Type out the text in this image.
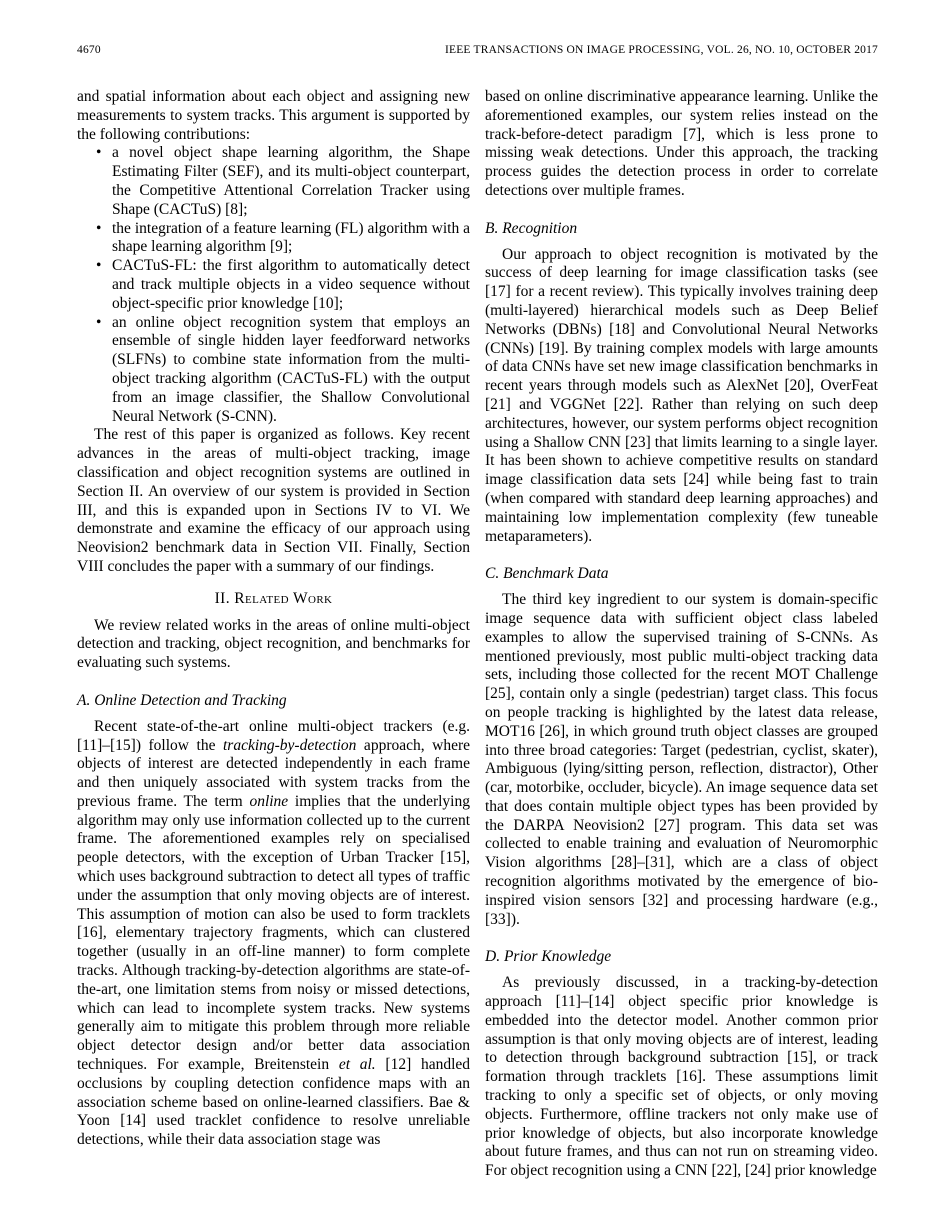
4670	IEEE TRANSACTIONS ON IMAGE PROCESSING, VOL. 26, NO. 10, OCTOBER 2017

and spatial information about each object and assigning new measurements to system tracks. This argument is supported by the following contributions:

• a novel object shape learning algorithm, the Shape Estimating Filter (SEF), and its multi-object counterpart, the Competitive Attentional Correlation Tracker using Shape (CACTuS) [8];
• the integration of a feature learning (FL) algorithm with a shape learning algorithm [9];
• CACTuS-FL: the first algorithm to automatically detect and track multiple objects in a video sequence without object-specific prior knowledge [10];
• an online object recognition system that employs an ensemble of single hidden layer feedforward networks (SLFNs) to combine state information from the multi-object tracking algorithm (CACTuS-FL) with the output from an image classifier, the Shallow Convolutional Neural Network (S-CNN).

The rest of this paper is organized as follows. Key recent advances in the areas of multi-object tracking, image classification and object recognition systems are outlined in Section II. An overview of our system is provided in Section III, and this is expanded upon in Sections IV to VI. We demonstrate and examine the efficacy of our approach using Neovision2 benchmark data in Section VII. Finally, Section VIII concludes the paper with a summary of our findings.

II. Related Work

We review related works in the areas of online multi-object detection and tracking, object recognition, and benchmarks for evaluating such systems.

A. Online Detection and Tracking

Recent state-of-the-art online multi-object trackers (e.g. [11]–[15]) follow the tracking-by-detection approach, where objects of interest are detected independently in each frame and then uniquely associated with system tracks from the previous frame. The term online implies that the underlying algorithm may only use information collected up to the current frame. The aforementioned examples rely on specialised people detectors, with the exception of Urban Tracker [15], which uses background subtraction to detect all types of traffic under the assumption that only moving objects are of interest. This assumption of motion can also be used to form tracklets [16], elementary trajectory fragments, which can clustered together (usually in an off-line manner) to form complete tracks. Although tracking-by-detection algorithms are state-of-the-art, one limitation stems from noisy or missed detections, which can lead to incomplete system tracks. New systems generally aim to mitigate this problem through more reliable object detector design and/or better data association techniques. For example, Breitenstein et al. [12] handled occlusions by coupling detection confidence maps with an association scheme based on online-learned classifiers. Bae & Yoon [14] used tracklet confidence to resolve unreliable detections, while their data association stage was

based on online discriminative appearance learning. Unlike the aforementioned examples, our system relies instead on the track-before-detect paradigm [7], which is less prone to missing weak detections. Under this approach, the tracking process guides the detection process in order to correlate detections over multiple frames.

B. Recognition

Our approach to object recognition is motivated by the success of deep learning for image classification tasks (see [17] for a recent review). This typically involves training deep (multi-layered) hierarchical models such as Deep Belief Networks (DBNs) [18] and Convolutional Neural Networks (CNNs) [19]. By training complex models with large amounts of data CNNs have set new image classification benchmarks in recent years through models such as AlexNet [20], OverFeat [21] and VGGNet [22]. Rather than relying on such deep architectures, however, our system performs object recognition using a Shallow CNN [23] that limits learning to a single layer. It has been shown to achieve competitive results on standard image classification data sets [24] while being fast to train (when compared with standard deep learning approaches) and maintaining low implementation complexity (few tuneable metaparameters).

C. Benchmark Data

The third key ingredient to our system is domain-specific image sequence data with sufficient object class labeled examples to allow the supervised training of S-CNNs. As mentioned previously, most public multi-object tracking data sets, including those collected for the recent MOT Challenge [25], contain only a single (pedestrian) target class. This focus on people tracking is highlighted by the latest data release, MOT16 [26], in which ground truth object classes are grouped into three broad categories: Target (pedestrian, cyclist, skater), Ambiguous (lying/sitting person, reflection, distractor), Other (car, motorbike, occluder, bicycle). An image sequence data set that does contain multiple object types has been provided by the DARPA Neovision2 [27] program. This data set was collected to enable training and evaluation of Neuromorphic Vision algorithms [28]–[31], which are a class of object recognition algorithms motivated by the emergence of bio-inspired vision sensors [32] and processing hardware (e.g., [33]).

D. Prior Knowledge

As previously discussed, in a tracking-by-detection approach [11]–[14] object specific prior knowledge is embedded into the detector model. Another common prior assumption is that only moving objects are of interest, leading to detection through background subtraction [15], or track formation through tracklets [16]. These assumptions limit tracking to only a specific set of objects, or only moving objects. Furthermore, offline trackers not only make use of prior knowledge of objects, but also incorporate knowledge about future frames, and thus can not run on streaming video. For object recognition using a CNN [22], [24] prior knowledge
